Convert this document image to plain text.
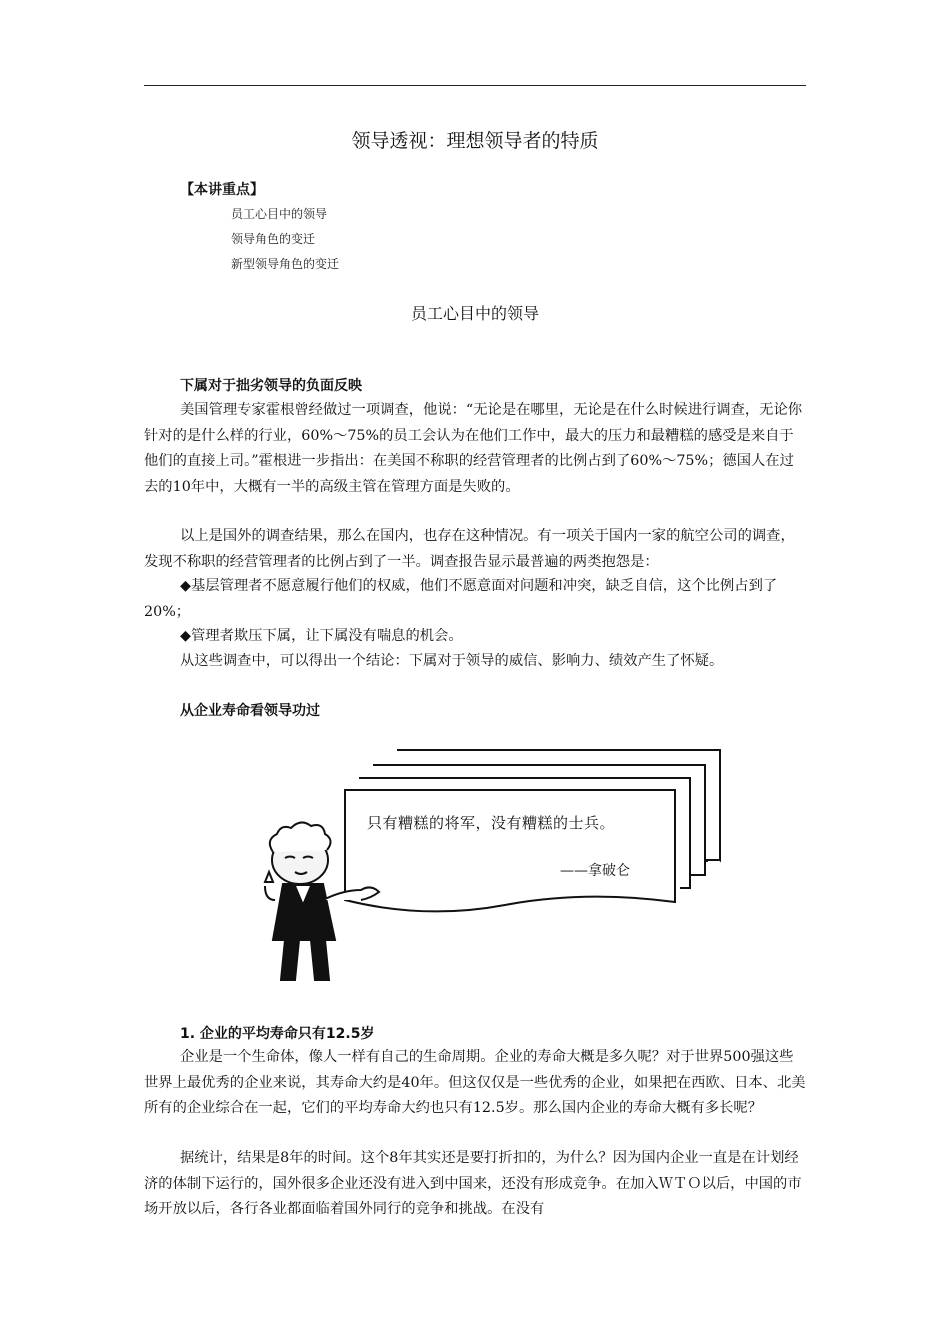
领导透视：理想领导者的特质
【本讲重点】
员工心目中的领导
领导角色的变迁
新型领导角色的变迁
员工心目中的领导
下属对于拙劣领导的负面反映

美国管理专家霍根曾经做过一项调查，他说：“无论是在哪里，无论是在什么时候进行调查，无论你针对的是什么样的行业，60%～75%的员工会认为在他们工作中，最大的压力和最糟糕的感受是来自于他们的直接上司。”霍根进一步指出：在美国不称职的经营管理者的比例占到了60%～75%；德国人在过去的10年中，大概有一半的高级主管在管理方面是失败的。

以上是国外的调查结果，那么在国内，也存在这种情况。有一项关于国内一家的航空公司的调查，发现不称职的经营管理者的比例占到了一半。调查报告显示最普遍的两类抱怨是：

◆基层管理者不愿意履行他们的权威，他们不愿意面对问题和冲突，缺乏自信，这个比例占到了20%；

◆管理者欺压下属，让下属没有喘息的机会。

从这些调查中，可以得出一个结论：下属对于领导的威信、影响力、绩效产生了怀疑。

从企业寿命看领导功过
只有糟糕的将军，没有糟糕的士兵。
——拿破仑
1. 企业的平均寿命只有12.5岁

企业是一个生命体，像人一样有自己的生命周期。企业的寿命大概是多久呢？对于世界500强这些世界上最优秀的企业来说，其寿命大约是40年。但这仅仅是一些优秀的企业，如果把在西欧、日本、北美所有的企业综合在一起，它们的平均寿命大约也只有12.5岁。那么国内企业的寿命大概有多长呢？

据统计，结果是8年的时间。这个8年其实还是要打折扣的，为什么？因为国内企业一直是在计划经济的体制下运行的，国外很多企业还没有进入到中国来，还没有形成竞争。在加入ＷＴＯ以后，中国的市场开放以后，各行各业都面临着国外同行的竞争和挑战。在没有
